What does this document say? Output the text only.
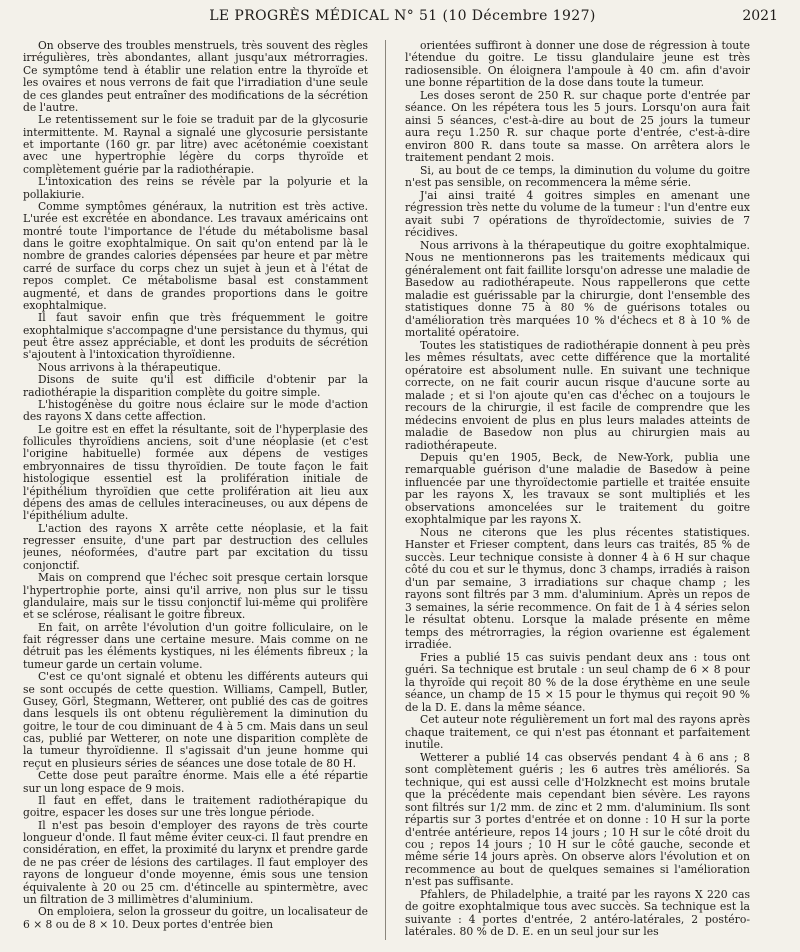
LE PROGRÈS MÉDICAL N° 51 (10 Décembre 1927)	2021

On observe des troubles menstruels, très souvent des règles irrégulières, très abondantes, allant jusqu'aux métrorragies. Ce symptôme tend à établir une relation entre la thyroïde et les ovaires et nous verrons de fait que l'irradiation d'une seule de ces glandes peut entraîner des modifications de la sécrétion de l'autre.

Le retentissement sur le foie se traduit par de la glycosurie intermittente. M. Raynal a signalé une glycosurie persistante et importante (160 gr. par litre) avec acétonémie coexistant avec une hypertrophie légère du corps thyroïde et complètement guérie par la radiothérapie.

L'intoxication des reins se révèle par la polyurie et la pollakiurie.

Comme symptômes généraux, la nutrition est très active. L'urée est excrétée en abondance. Les travaux américains ont montré toute l'importance de l'étude du métabolisme basal dans le goitre exophtalmique. On sait qu'on entend par là le nombre de grandes calories dépensées par heure et par mètre carré de surface du corps chez un sujet à jeun et à l'état de repos complet. Ce métabolisme basal est constamment augmenté, et dans de grandes proportions dans le goitre exophtalmique.

Il faut savoir enfin que très fréquemment le goitre exophtalmique s'accompagne d'une persistance du thymus, qui peut être assez appréciable, et dont les produits de sécrétion s'ajoutent à l'intoxication thyroïdienne.

Nous arrivons à la thérapeutique.

Disons de suite qu'il est difficile d'obtenir par la radiothérapie la disparition complète du goitre simple.

L'histogénèse du goitre nous éclaire sur le mode d'action des rayons X dans cette affection.

Le goitre est en effet la résultante, soit de l'hyperplasie des follicules thyroïdiens anciens, soit d'une néoplasie (et c'est l'origine habituelle) formée aux dépens de vestiges embryonnaires de tissu thyroïdien. De toute façon le fait histologique essentiel est la prolifération initiale de l'épithélium thyroïdien que cette prolifération ait lieu aux dépens des amas de cellules interacineuses, ou aux dépens de l'épithélium adulte.

L'action des rayons X arrête cette néoplasie, et la fait regresser ensuite, d'une part par destruction des cellules jeunes, néoformées, d'autre part par excitation du tissu conjonctif.

Mais on comprend que l'échec soit presque certain lorsque l'hypertrophie porte, ainsi qu'il arrive, non plus sur le tissu glandulaire, mais sur le tissu conjonctif lui-même qui prolifère et se sclérose, réalisant le goitre fibreux.

En fait, on arrête l'évolution d'un goitre folliculaire, on le fait régresser dans une certaine mesure. Mais comme on ne détruit pas les éléments kystiques, ni les éléments fibreux ; la tumeur garde un certain volume.

C'est ce qu'ont signalé et obtenu les différents auteurs qui se sont occupés de cette question. Williams, Campell, Butler, Gusey, Görl, Stegmann, Wetterer, ont publié des cas de goitres dans lesquels ils ont obtenu régulièrement la diminution du goitre, le tour de cou diminuant de 4 à 5 cm. Mais dans un seul cas, publié par Wetterer, on note une disparition complète de la tumeur thyroïdienne. Il s'agissait d'un jeune homme qui reçut en plusieurs séries de séances une dose totale de 80 H.

Cette dose peut paraître énorme. Mais elle a été répartie sur un long espace de 9 mois.

Il faut en effet, dans le traitement radiothérapique du goitre, espacer les doses sur une très longue période.

Il n'est pas besoin d'employer des rayons de très courte longueur d'onde. Il faut même éviter ceux-ci. Il faut prendre en considération, en effet, la proximité du larynx et prendre garde de ne pas créer de lésions des cartilages. Il faut employer des rayons de longueur d'onde moyenne, émis sous une tension équivalente à 20 ou 25 cm. d'étincelle au spintermètre, avec un filtration de 3 millimètres d'aluminium.

On emploiera, selon la grosseur du goitre, un localisateur de 6 × 8 ou de 8 × 10. Deux portes d'entrée bien

orientées suffiront à donner une dose de régression à toute l'étendue du goitre. Le tissu glandulaire jeune est très radiosensible. On éloignera l'ampoule à 40 cm. afin d'avoir une bonne répartition de la dose dans toute la tumeur.

Les doses seront de 250 R. sur chaque porte d'entrée par séance. On les répétera tous les 5 jours. Lorsqu'on aura fait ainsi 5 séances, c'est-à-dire au bout de 25 jours la tumeur aura reçu 1.250 R. sur chaque porte d'entrée, c'est-à-dire environ 800 R. dans toute sa masse. On arrêtera alors le traitement pendant 2 mois.

Si, au bout de ce temps, la diminution du volume du goitre n'est pas sensible, on recommencera la même série.

J'ai ainsi traité 4 goitres simples en amenant une régression très nette du volume de la tumeur : l'un d'entre eux avait subi 7 opérations de thyroïdectomie, suivies de 7 récidives.

Nous arrivons à la thérapeutique du goitre exophtalmique. Nous ne mentionnerons pas les traitements médicaux qui généralement ont fait faillite lorsqu'on adresse une maladie de Basedow au radiothérapeute. Nous rappellerons que cette maladie est guérissable par la chirurgie, dont l'ensemble des statistiques donne 75 à 80 % de guérisons totales ou d'amélioration très marquées 10 % d'échecs et 8 à 10 % de mortalité opératoire.

Toutes les statistiques de radiothérapie donnent à peu près les mêmes résultats, avec cette différence que la mortalité opératoire est absolument nulle. En suivant une technique correcte, on ne fait courir aucun risque d'aucune sorte au malade ; et si l'on ajoute qu'en cas d'échec on a toujours le recours de la chirurgie, il est facile de comprendre que les médecins envoient de plus en plus leurs malades atteints de maladie de Basedow non plus au chirurgien mais au radiothérapeute.

Depuis qu'en 1905, Beck, de New-York, publia une remarquable guérison d'une maladie de Basedow à peine influencée par une thyroïdectomie partielle et traitée ensuite par les rayons X, les travaux se sont multipliés et les observations amoncelées sur le traitement du goitre exophtalmique par les rayons X.

Nous ne citerons que les plus récentes statistiques. Hanster et Frieser comptent, dans leurs cas traités, 85 % de succès. Leur technique consiste à donner 4 à 6 H sur chaque côté du cou et sur le thymus, donc 3 champs, irradiés à raison d'un par semaine, 3 irradiations sur chaque champ ; les rayons sont filtrés par 3 mm. d'aluminium. Après un repos de 3 semaines, la série recommence. On fait de 1 à 4 séries selon le résultat obtenu. Lorsque la malade présente en même temps des métrorragies, la région ovarienne est également irradiée.

Fries a publié 15 cas suivis pendant deux ans : tous ont guéri. Sa technique est brutale : un seul champ de 6 × 8 pour la thyroïde qui reçoit 80 % de la dose érythème en une seule séance, un champ de 15 × 15 pour le thymus qui reçoit 90 % de la D. E. dans la même séance.

Cet auteur note régulièrement un fort mal des rayons après chaque traitement, ce qui n'est pas étonnant et parfaitement inutile.

Wetterer a publié 14 cas observés pendant 4 à 6 ans ; 8 sont complètement guéris ; les 6 autres très améliorés. Sa technique, qui est aussi celle d'Holzknecht est moins brutale que la précédente mais cependant bien sévère. Les rayons sont filtrés sur 1/2 mm. de zinc et 2 mm. d'aluminium. Ils sont répartis sur 3 portes d'entrée et on donne : 10 H sur la porte d'entrée antérieure, repos 14 jours ; 10 H sur le côté droit du cou ; repos 14 jours ; 10 H sur le côté gauche, seconde et même série 14 jours après. On observe alors l'évolution et on recommence au bout de quelques semaines si l'amélioration n'est pas suffisante.

Pfahlers, de Philadelphie, a traité par les rayons X 220 cas de goitre exophtalmique tous avec succès. Sa technique est la suivante : 4 portes d'entrée, 2 antéro-latérales, 2 postéro-latérales. 80 % de D. E. en un seul jour sur les
